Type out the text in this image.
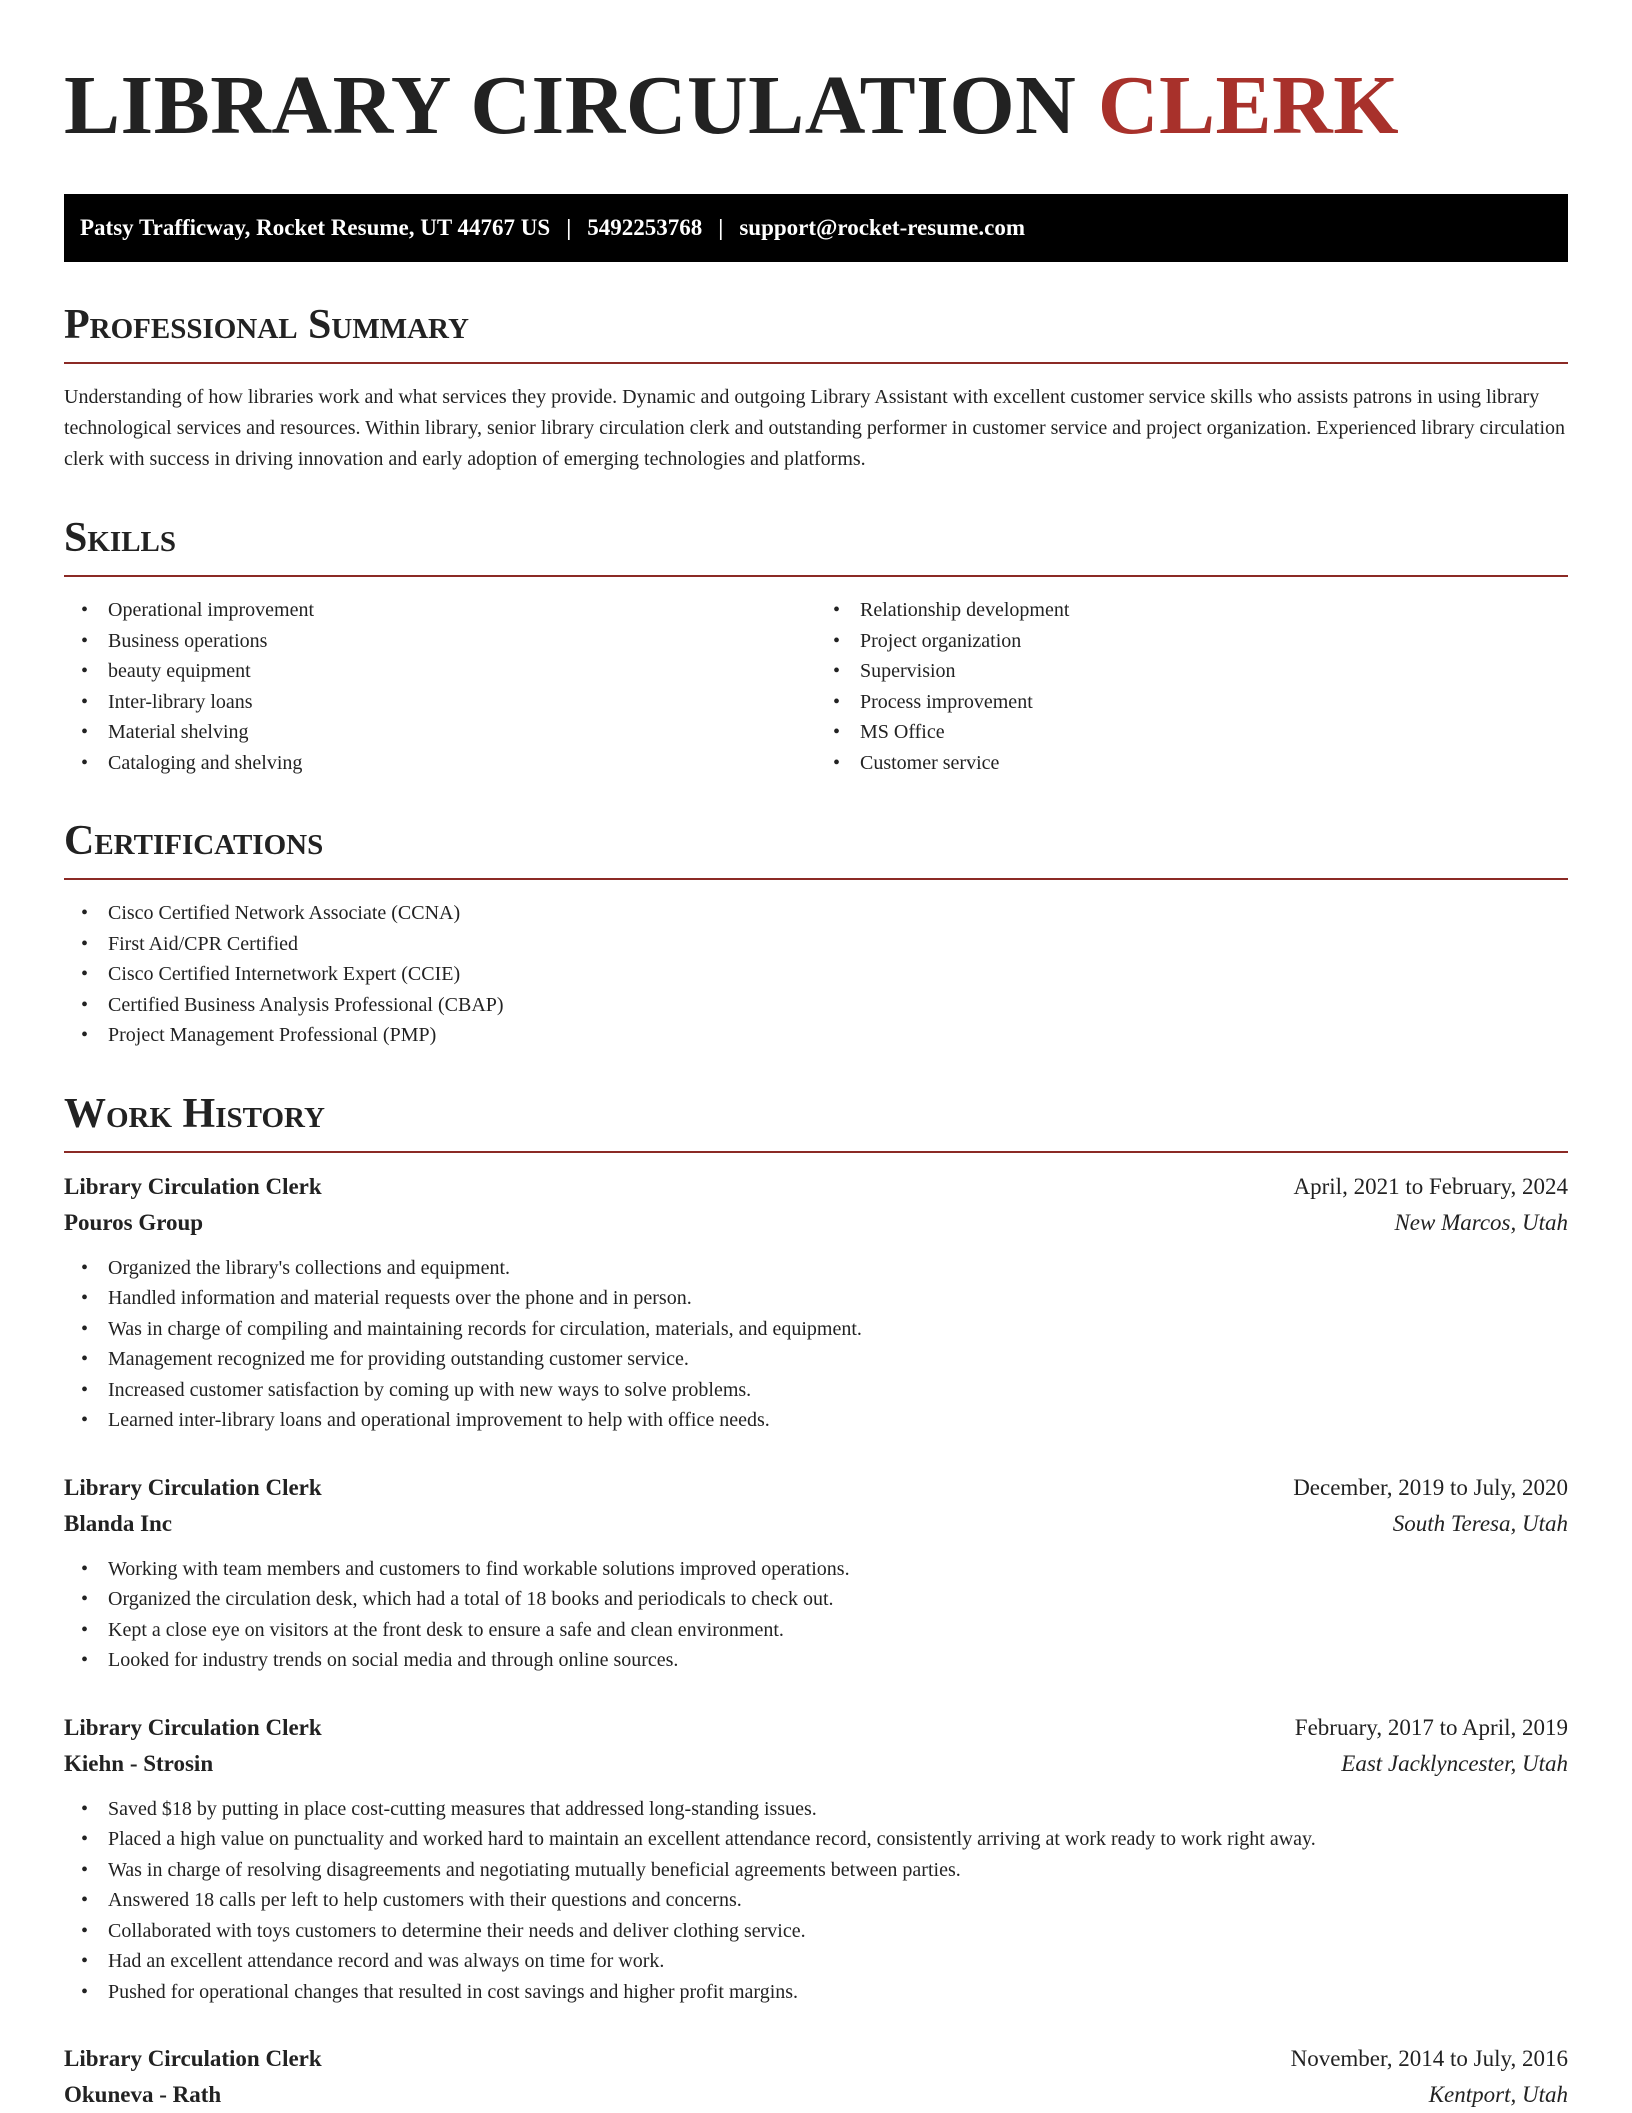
LIBRARY CIRCULATION CLERK
Patsy Trafficway, Rocket Resume, UT 44767 US | 5492253768 | support@rocket-resume.com
Professional Summary

Understanding of how libraries work and what services they provide. Dynamic and outgoing Library Assistant with excellent customer service skills who assists patrons in using library technological services and resources. Within library, senior library circulation clerk and outstanding performer in customer service and project organization. Experienced library circulation clerk with success in driving innovation and early adoption of emerging technologies and platforms.

Skills
• Operational improvement
• Business operations
• beauty equipment
• Inter-library loans
• Material shelving
• Cataloging and shelving
• Relationship development
• Project organization
• Supervision
• Process improvement
• MS Office
• Customer service
Certifications
• Cisco Certified Network Associate (CCNA)
• First Aid/CPR Certified
• Cisco Certified Internetwork Expert (CCIE)
• Certified Business Analysis Professional (CBAP)
• Project Management Professional (PMP)
Work History
Library Circulation Clerk	April, 2021 to February, 2024
Pouros Group	New Marcos, Utah
• Organized the library's collections and equipment.
• Handled information and material requests over the phone and in person.
• Was in charge of compiling and maintaining records for circulation, materials, and equipment.
• Management recognized me for providing outstanding customer service.
• Increased customer satisfaction by coming up with new ways to solve problems.
• Learned inter-library loans and operational improvement to help with office needs.
Library Circulation Clerk	December, 2019 to July, 2020
Blanda Inc	South Teresa, Utah
• Working with team members and customers to find workable solutions improved operations.
• Organized the circulation desk, which had a total of 18 books and periodicals to check out.
• Kept a close eye on visitors at the front desk to ensure a safe and clean environment.
• Looked for industry trends on social media and through online sources.
Library Circulation Clerk	February, 2017 to April, 2019
Kiehn - Strosin	East Jacklyncester, Utah
• Saved $18 by putting in place cost-cutting measures that addressed long-standing issues.
• Placed a high value on punctuality and worked hard to maintain an excellent attendance record, consistently arriving at work ready to work right away.
• Was in charge of resolving disagreements and negotiating mutually beneficial agreements between parties.
• Answered 18 calls per left to help customers with their questions and concerns.
• Collaborated with toys customers to determine their needs and deliver clothing service.
• Had an excellent attendance record and was always on time for work.
• Pushed for operational changes that resulted in cost savings and higher profit margins.
Library Circulation Clerk	November, 2014 to July, 2016
Okuneva - Rath	Kentport, Utah
